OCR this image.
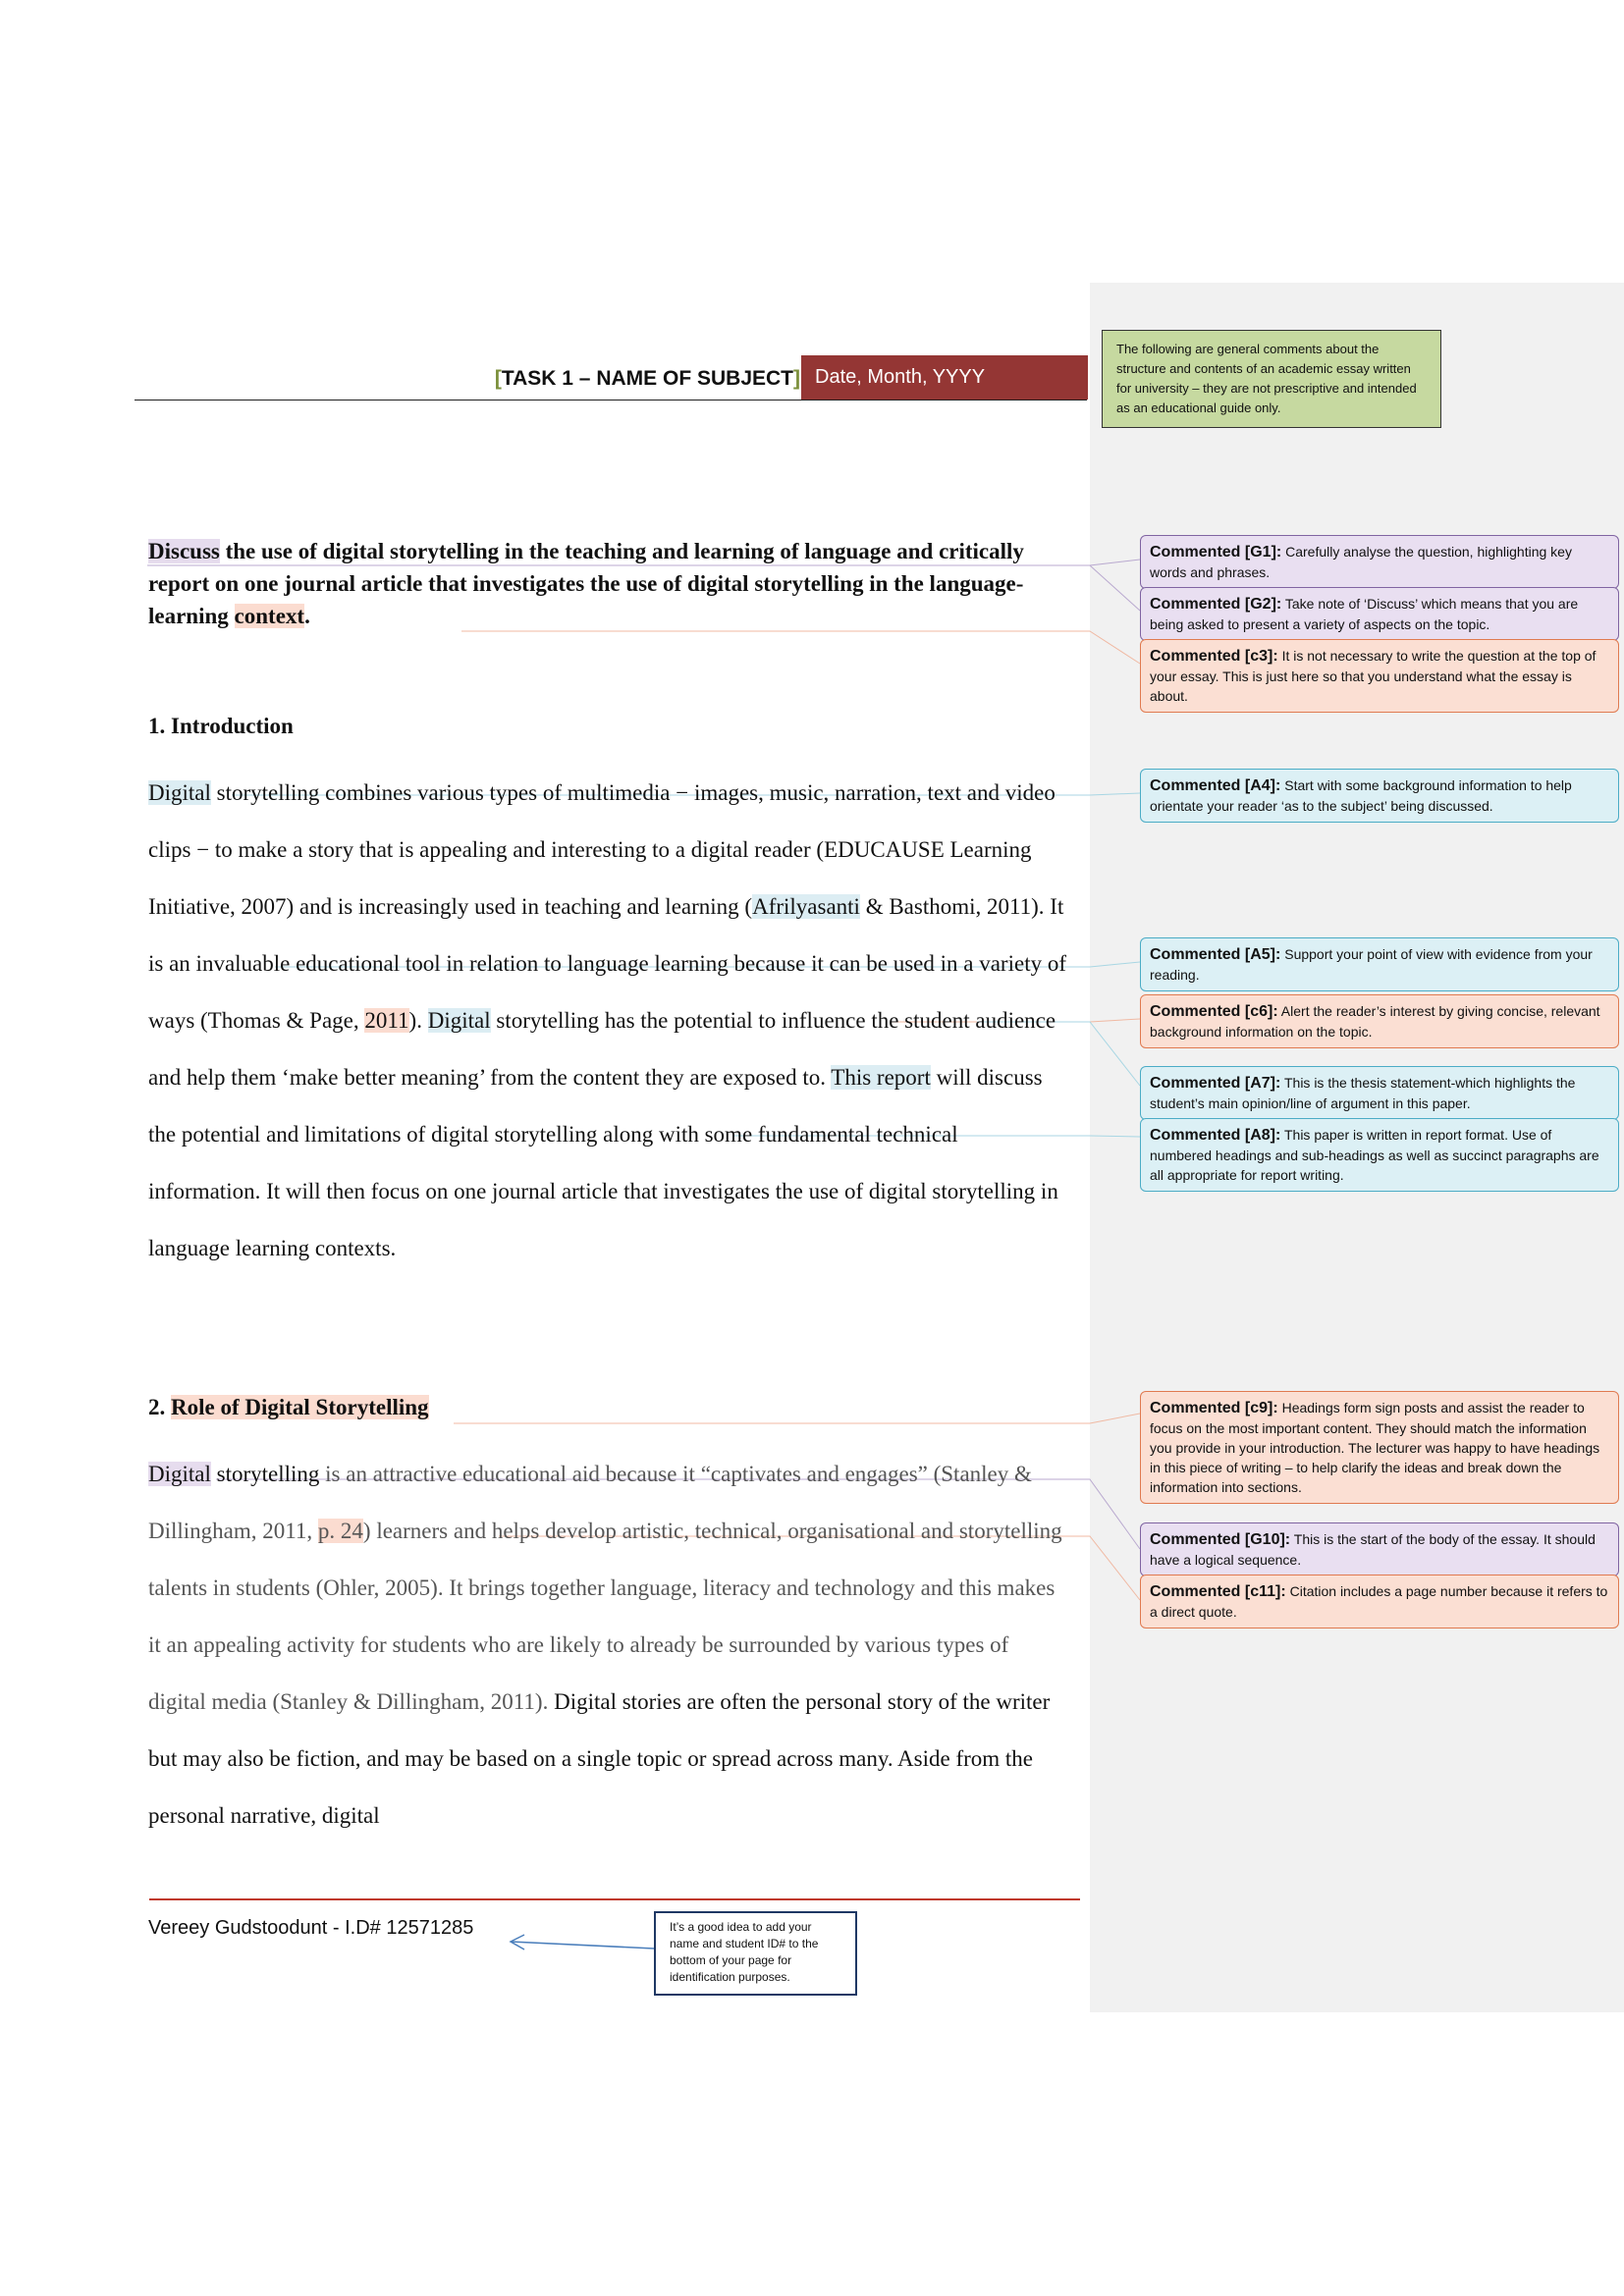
The following are general comments about the structure and contents of an academic essay written for university – they are not prescriptive and intended as an educational guide only.
[TASK 1 – NAME OF SUBJECT] Date, Month, YYYY
Discuss the use of digital storytelling in the teaching and learning of language and critically report on one journal article that investigates the use of digital storytelling in the language-learning context.
1. Introduction
Digital storytelling combines various types of multimedia − images, music, narration, text and video clips − to make a story that is appealing and interesting to a digital reader (EDUCAUSE Learning Initiative, 2007) and is increasingly used in teaching and learning (Afrilyasanti & Basthomi, 2011). It is an invaluable educational tool in relation to language learning because it can be used in a variety of ways (Thomas & Page, 2011). Digital storytelling has the potential to influence the student audience and help them ‘make better meaning’ from the content they are exposed to. This report will discuss the potential and limitations of digital storytelling along with some fundamental technical information. It will then focus on one journal article that investigates the use of digital storytelling in language learning contexts.
2. Role of Digital Storytelling
Digital storytelling is an attractive educational aid because it “captivates and engages” (Stanley & Dillingham, 2011, p. 24) learners and helps develop artistic, technical, organisational and storytelling talents in students (Ohler, 2005). It brings together language, literacy and technology and this makes it an appealing activity for students who are likely to already be surrounded by various types of digital media (Stanley & Dillingham, 2011). Digital stories are often the personal story of the writer but may also be fiction, and may be based on a single topic or spread across many. Aside from the personal narrative, digital
Commented [G1]: Carefully analyse the question, highlighting key words and phrases.
Commented [G2]: Take note of ‘Discuss’ which means that you are being asked to present a variety of aspects on the topic.
Commented [c3]: It is not necessary to write the question at the top of your essay. This is just here so that you understand what the essay is about.
Commented [A4]: Start with some background information to help orientate your reader ‘as to the subject’ being discussed.
Commented [A5]: Support your point of view with evidence from your reading.
Commented [c6]: Alert the reader’s interest by giving concise, relevant background information on the topic.
Commented [A7]: This is the thesis statement-which highlights the student’s main opinion/line of argument in this paper.
Commented [A8]: This paper is written in report format. Use of numbered headings and sub-headings as well as succinct paragraphs are all appropriate for report writing.
Commented [c9]: Headings form sign posts and assist the reader to focus on the most important content. They should match the information you provide in your introduction. The lecturer was happy to have headings in this piece of writing – to help clarify the ideas and break down the information into sections.
Commented [G10]: This is the start of the body of the essay. It should have a logical sequence.
Commented [c11]: Citation includes a page number because it refers to a direct quote.
Vereey Gudstoodunt - I.D# 12571285	It’s a good idea to add your name and student ID# to the bottom of your page for identification purposes.
